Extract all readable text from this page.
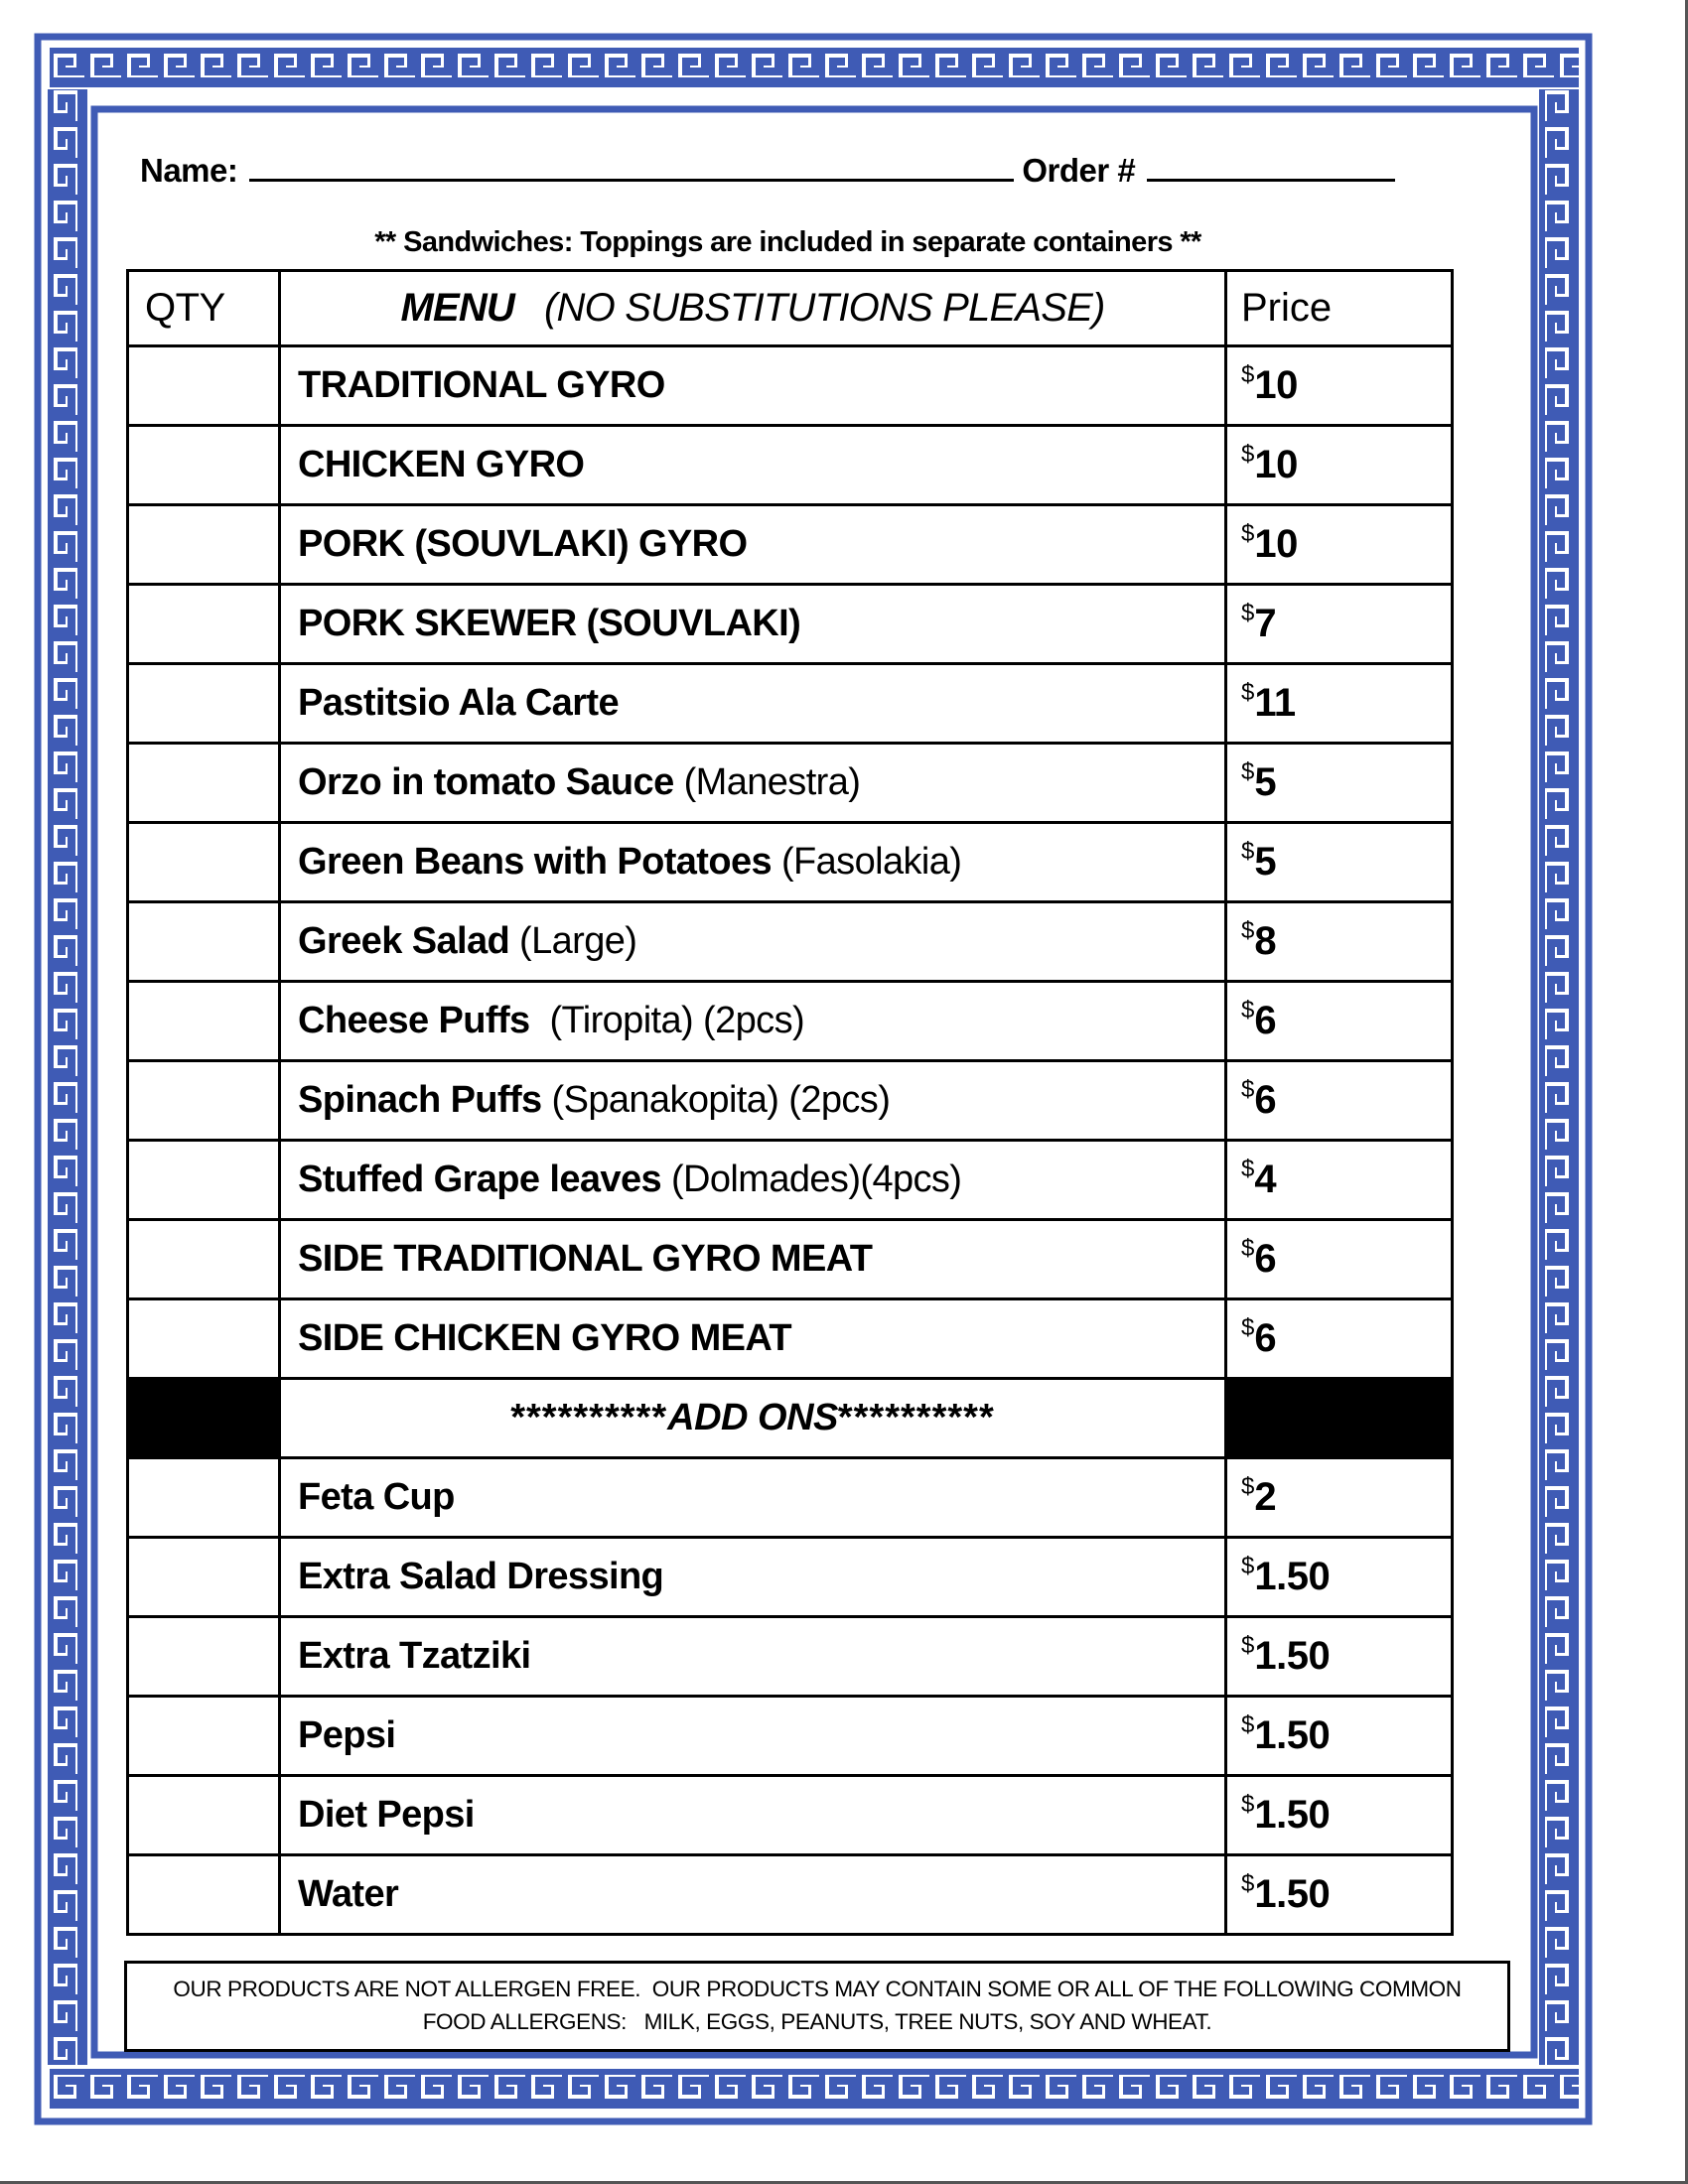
Name:	Order #
** Sandwiches: Toppings are included in separate containers **
QTY	MENU (NO SUBSTITUTIONS PLEASE)	Price
	TRADITIONAL GYRO	$10
	CHICKEN GYRO	$10
	PORK (SOUVLAKI) GYRO	$10
	PORK SKEWER (SOUVLAKI)	$7
	Pastitsio Ala Carte	$11
	Orzo in tomato Sauce (Manestra)	$5
	Green Beans with Potatoes (Fasolakia)	$5
	Greek Salad (Large)	$8
	Cheese Puffs  (Tiropita) (2pcs)	$6
	Spinach Puffs (Spanakopita) (2pcs)	$6
	Stuffed Grape leaves (Dolmades)(4pcs)	$4
	SIDE TRADITIONAL GYRO MEAT	$6
	SIDE CHICKEN GYRO MEAT	$6
	**********ADD ONS**********	
	Feta Cup	$2
	Extra Salad Dressing	$1.50
	Extra Tzatziki	$1.50
	Pepsi	$1.50
	Diet Pepsi	$1.50
	Water	$1.50
OUR PRODUCTS ARE NOT ALLERGEN FREE.  OUR PRODUCTS MAY CONTAIN SOME OR ALL OF THE FOLLOWING COMMON
FOOD ALLERGENS:   MILK, EGGS, PEANUTS, TREE NUTS, SOY AND WHEAT.
